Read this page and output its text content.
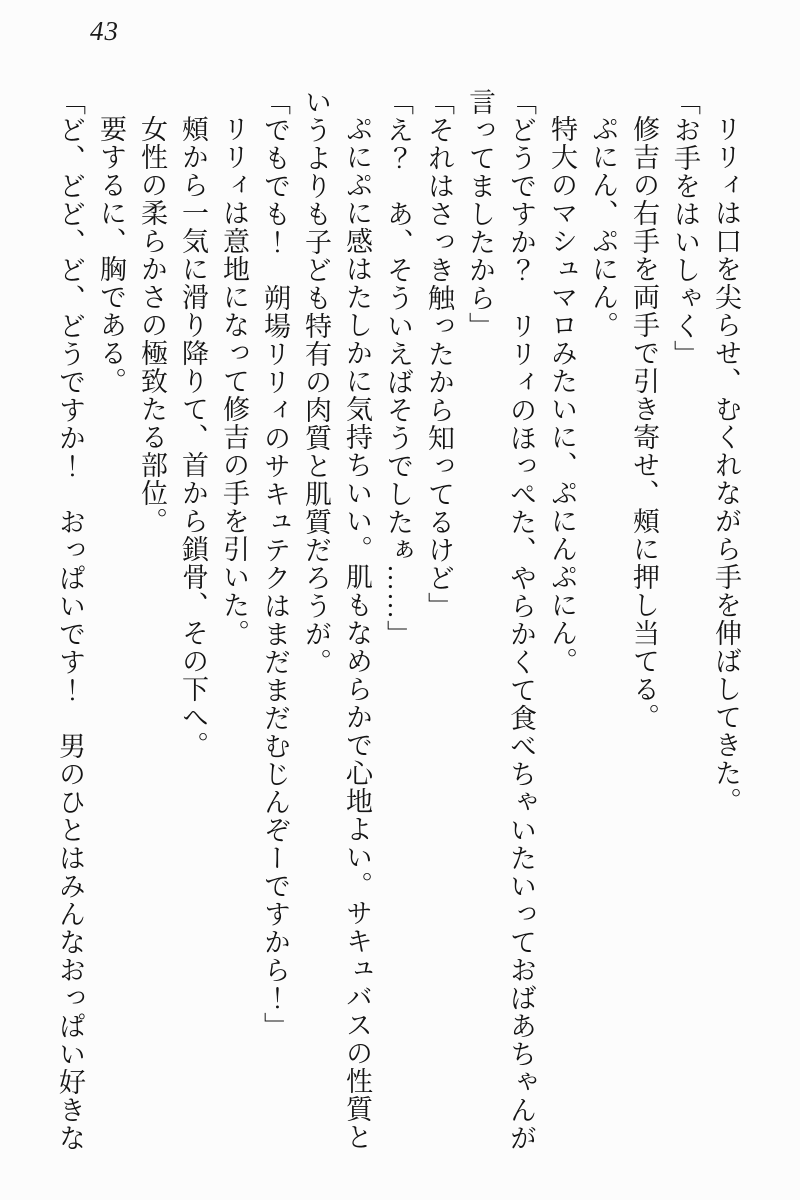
43

リリィは口を尖らせ、むくれながら手を伸ばしてきた。

「お手をはいしゃく」

修吉の右手を両手で引き寄せ、頰に押し当てる。

ぷにん、ぷにん。

特大のマシュマロみたいに、ぷにんぷにん。

「どうですか？　リリィのほっぺた、やらかくて食べちゃいたいっておばあちゃんが言ってましたから」

「それはさっき触ったから知ってるけど」

「え？　あ、そういえばそうでしたぁ……」

ぷにぷに感はたしかに気持ちいい。肌もなめらかで心地よい。サキュバスの性質というよりも子ども特有の肉質と肌質だろうが。

「でもでも！　朔場リリィのサキュテクはまだまだむじんぞーですから！」

リリィは意地になって修吉の手を引いた。

頰から一気に滑り降りて、首から鎖骨、その下へ。

女性の柔らかさの極致たる部位。

要するに、胸である。

「ど、どど、ど、どうですか！　おっぱいです！　男のひとはみんなおっぱい好きな
